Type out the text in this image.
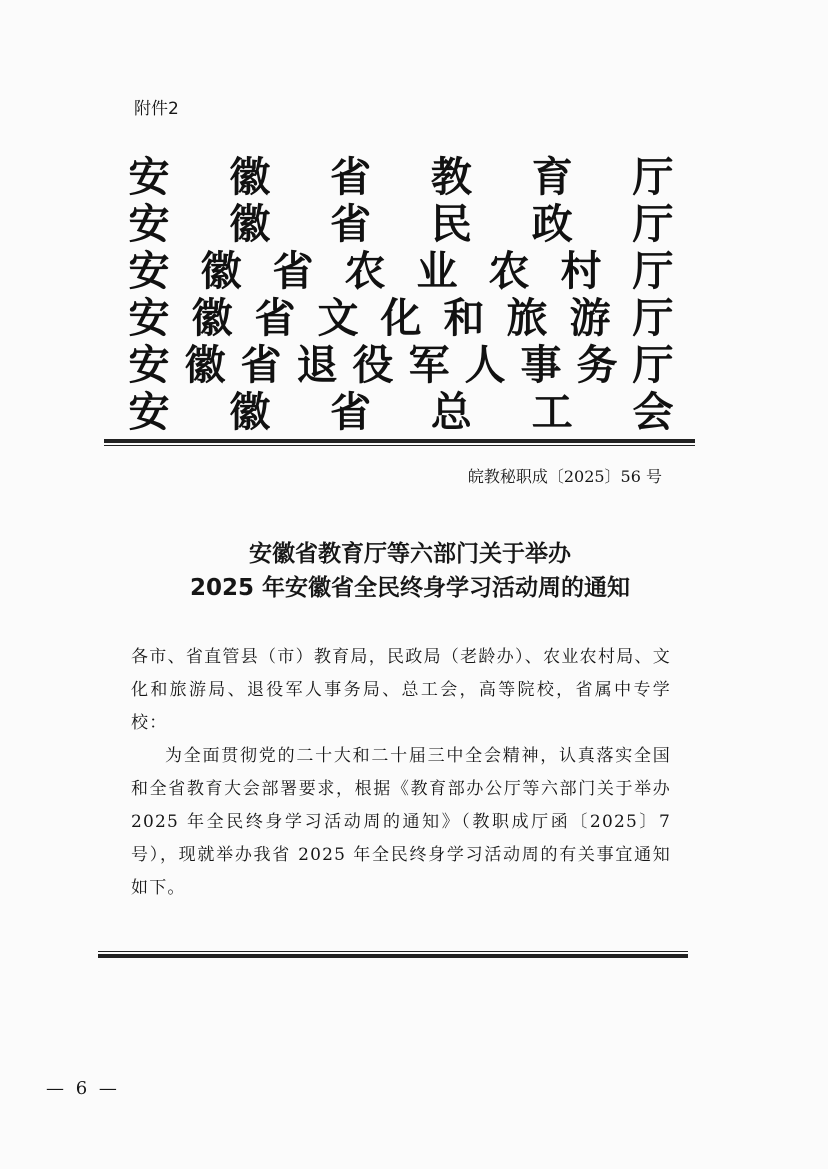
附件2
安 徽 省 教 育 厅
安 徽 省 民 政 厅
安 徽 省 农 业 农 村 厅
安 徽 省 文 化 和 旅 游 厅
安 徽 省 退 役 军 人 事 务 厅
安 徽 省 总 工 会
皖教秘职成〔2025〕56 号
安徽省教育厅等六部门关于举办
2025 年安徽省全民终身学习活动周的通知

各市、省直管县（市）教育局，民政局（老龄办）、农业农村局、文化和旅游局、退役军人事务局、总工会，高等院校，省属中专学校：

为全面贯彻党的二十大和二十届三中全会精神，认真落实全国和全省教育大会部署要求，根据《教育部办公厅等六部门关于举办 2025 年全民终身学习活动周的通知》（教职成厅函〔2025〕7 号），现就举办我省 2025 年全民终身学习活动周的有关事宜通知如下。

— 6 —
